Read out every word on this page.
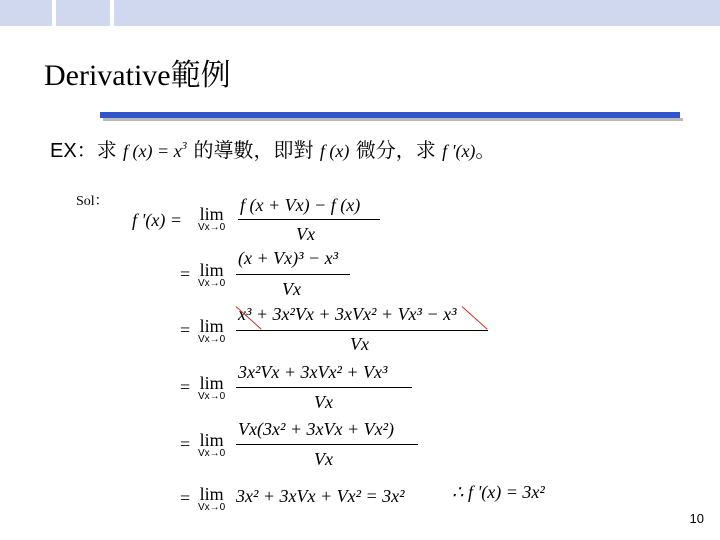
Derivative範例
EX：求 f $(x) = x^3$ 的導數，即對 f (x) 微分，求 f '(x)。
Sol：
f '(x) = lim
Vx→0
f (x + Vx) − f (x)
Vx
= lim
Vx→0
(x + Vx)³ − x³
Vx
= lim
Vx→0
x³ + 3x²Vx + 3xVx² + Vx³ − x³
Vx
= lim
Vx→0
3x²Vx + 3xVx² + Vx³
Vx
= lim
Vx→0
Vx(3x² + 3xVx + Vx²)
Vx
= lim
Vx→0
3x² + 3xVx + Vx² = 3x²	∴ f '(x) = 3x²
10
